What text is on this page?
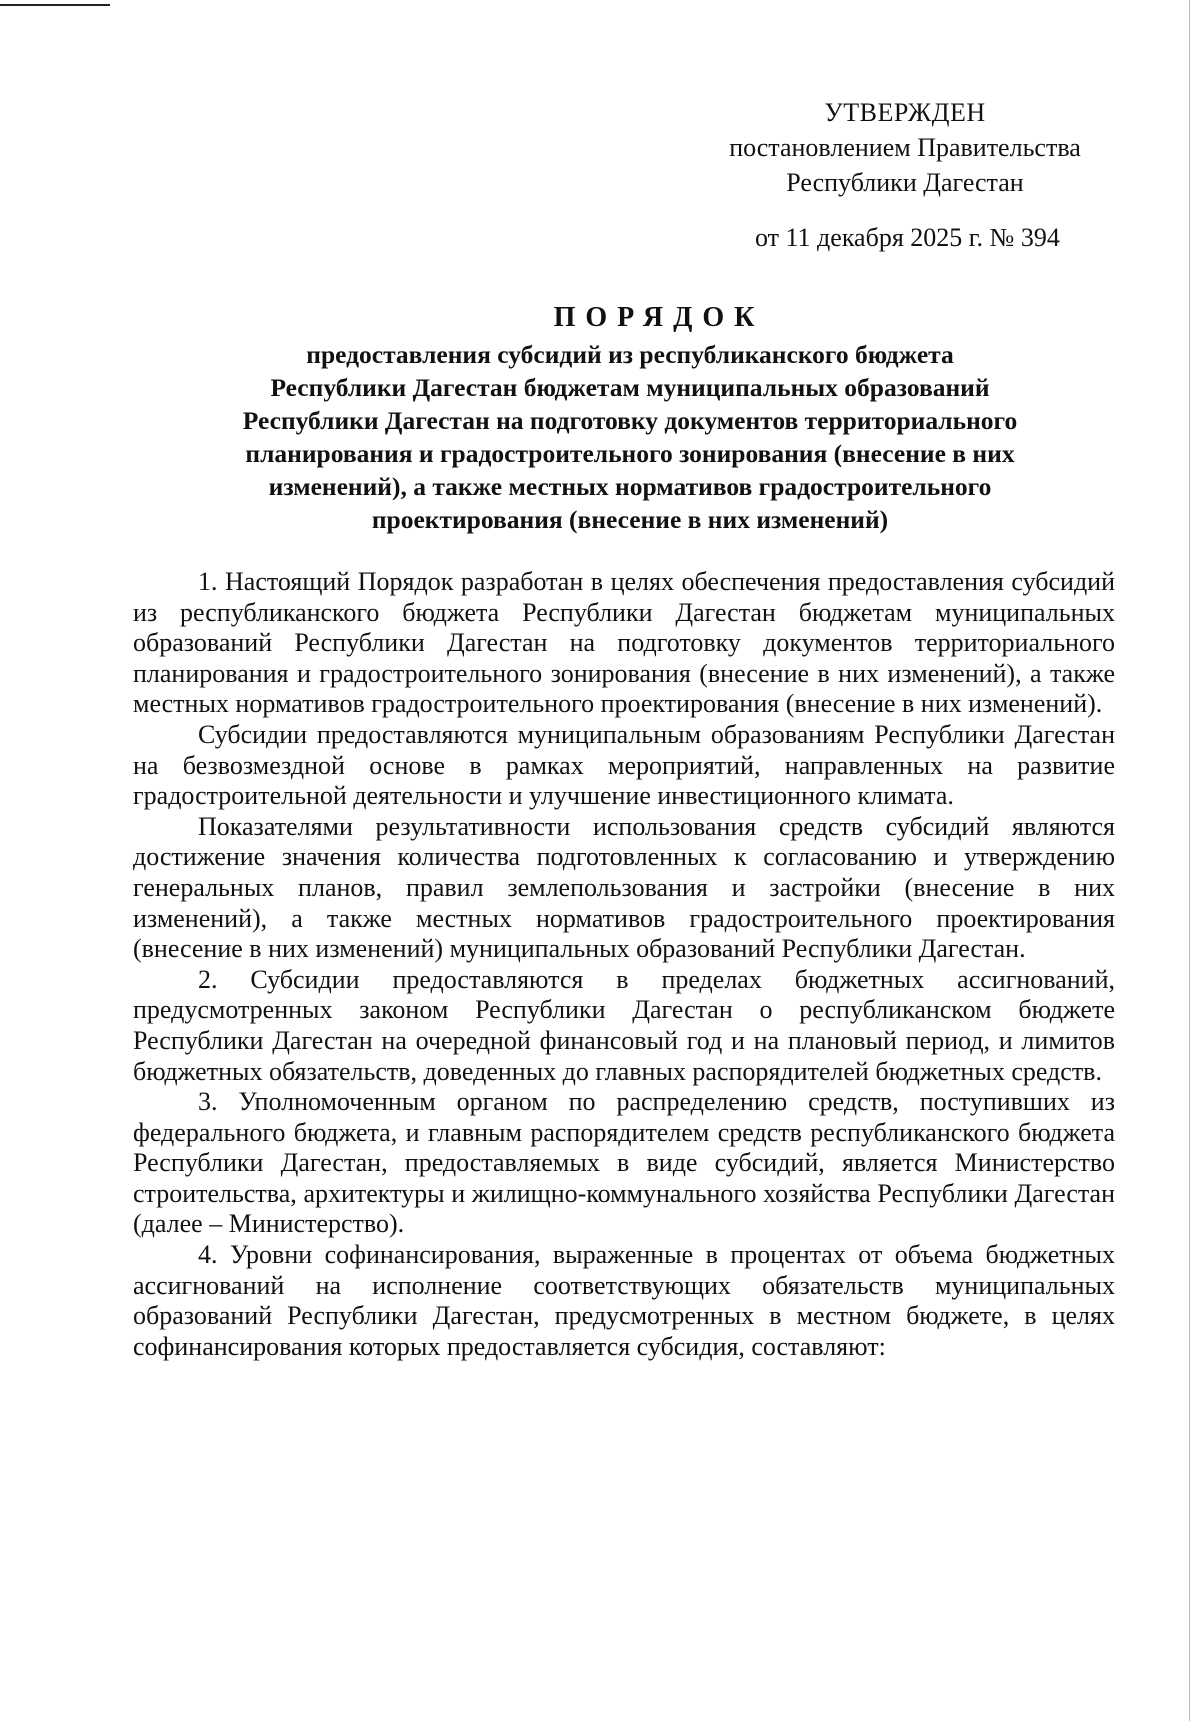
УТВЕРЖДЕН
постановлением Правительства
Республики Дагестан
от 11 декабря 2025 г. № 394
ПОРЯДОК
предоставления субсидий из республиканского бюджета
Республики Дагестан бюджетам муниципальных образований
Республики Дагестан на подготовку документов территориального
планирования и градостроительного зонирования (внесение в них
изменений), а также местных нормативов градостроительного
проектирования (внесение в них изменений)

1. Настоящий Порядок разработан в целях обеспечения предоставления субсидий из республиканского бюджета Республики Дагестан бюджетам муниципальных образований Республики Дагестан на подготовку документов территориального планирования и градостроительного зонирования (внесение в них изменений), а также местных нормативов градостроительного проектирования (внесение в них изменений).

Субсидии предоставляются муниципальным образованиям Республики Дагестан на безвозмездной основе в рамках мероприятий, направленных на развитие градостроительной деятельности и улучшение инвестиционного климата.

Показателями результативности использования средств субсидий являются достижение значения количества подготовленных к согласованию и утверждению генеральных планов, правил землепользования и застройки (внесение в них изменений), а также местных нормативов градостроительного проектирования (внесение в них изменений) муниципальных образований Республики Дагестан.

2. Субсидии предоставляются в пределах бюджетных ассигнований, предусмотренных законом Республики Дагестан о республиканском бюджете Республики Дагестан на очередной финансовый год и на плановый период, и лимитов бюджетных обязательств, доведенных до главных распорядителей бюджетных средств.

3. Уполномоченным органом по распределению средств, поступивших из федерального бюджета, и главным распорядителем средств республиканского бюджета Республики Дагестан, предоставляемых в виде субсидий, является Министерство строительства, архитектуры и жилищно-коммунального хозяйства Республики Дагестан (далее – Министерство).

4. Уровни софинансирования, выраженные в процентах от объема бюджетных ассигнований на исполнение соответствующих обязательств муниципальных образований Республики Дагестан, предусмотренных в местном бюджете, в целях софинансирования которых предоставляется субсидия, составляют:
